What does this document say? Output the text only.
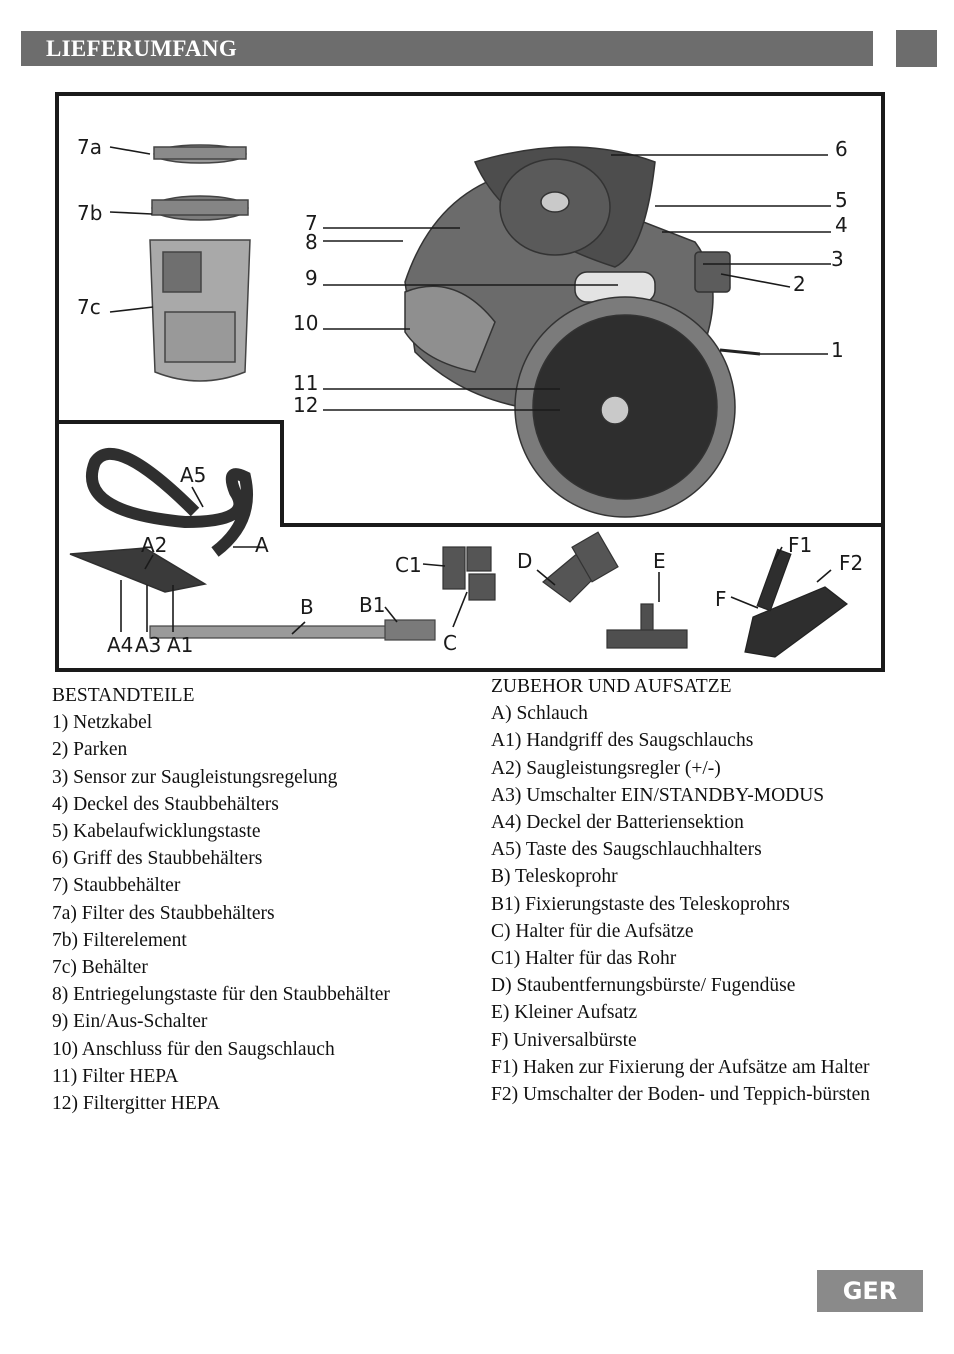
LIEFERUMFANG
7a
7b
7c
6
5
4
3
2
1
7
8
9
10
11
12
A5
A2	A
A4 A3 A1
B B1
C1
C
D	E
F
F1
F2
BESTANDTEILE
1) Netzkabel
2) Parken
3) Sensor zur Saugleistungsregelung
4) Deckel des Staubbehälters
5) Kabelaufwicklungstaste
6) Griff des Staubbehälters
7) Staubbehälter
7a) Filter des Staubbehälters
7b) Filterelement
7c) Behälter
8) Entriegelungstaste für den Staubbehälter
9) Ein/Aus-Schalter
10) Anschluss für den Saugschlauch
11) Filter HEPA
12) Filtergitter HEPA
ZUBEHOR UND AUFSATZE
A) Schlauch
A1) Handgriff des Saugschlauchs
A2) Saugleistungsregler (+/-)
A3) Umschalter EIN/STANDBY-MODUS
A4) Deckel der Batteriensektion
A5) Taste des Saugschlauchhalters
B) Teleskoprohr
B1) Fixierungstaste des Teleskoprohrs
C) Halter für die Aufsätze
C1) Halter für das Rohr
D) Staubentfernungsbürste/ Fugendüse
E) Kleiner Aufsatz
F) Universalbürste
F1) Haken zur Fixierung der Aufsätze am Halter
F2) Umschalter der Boden- und Teppich-bürsten
GER
